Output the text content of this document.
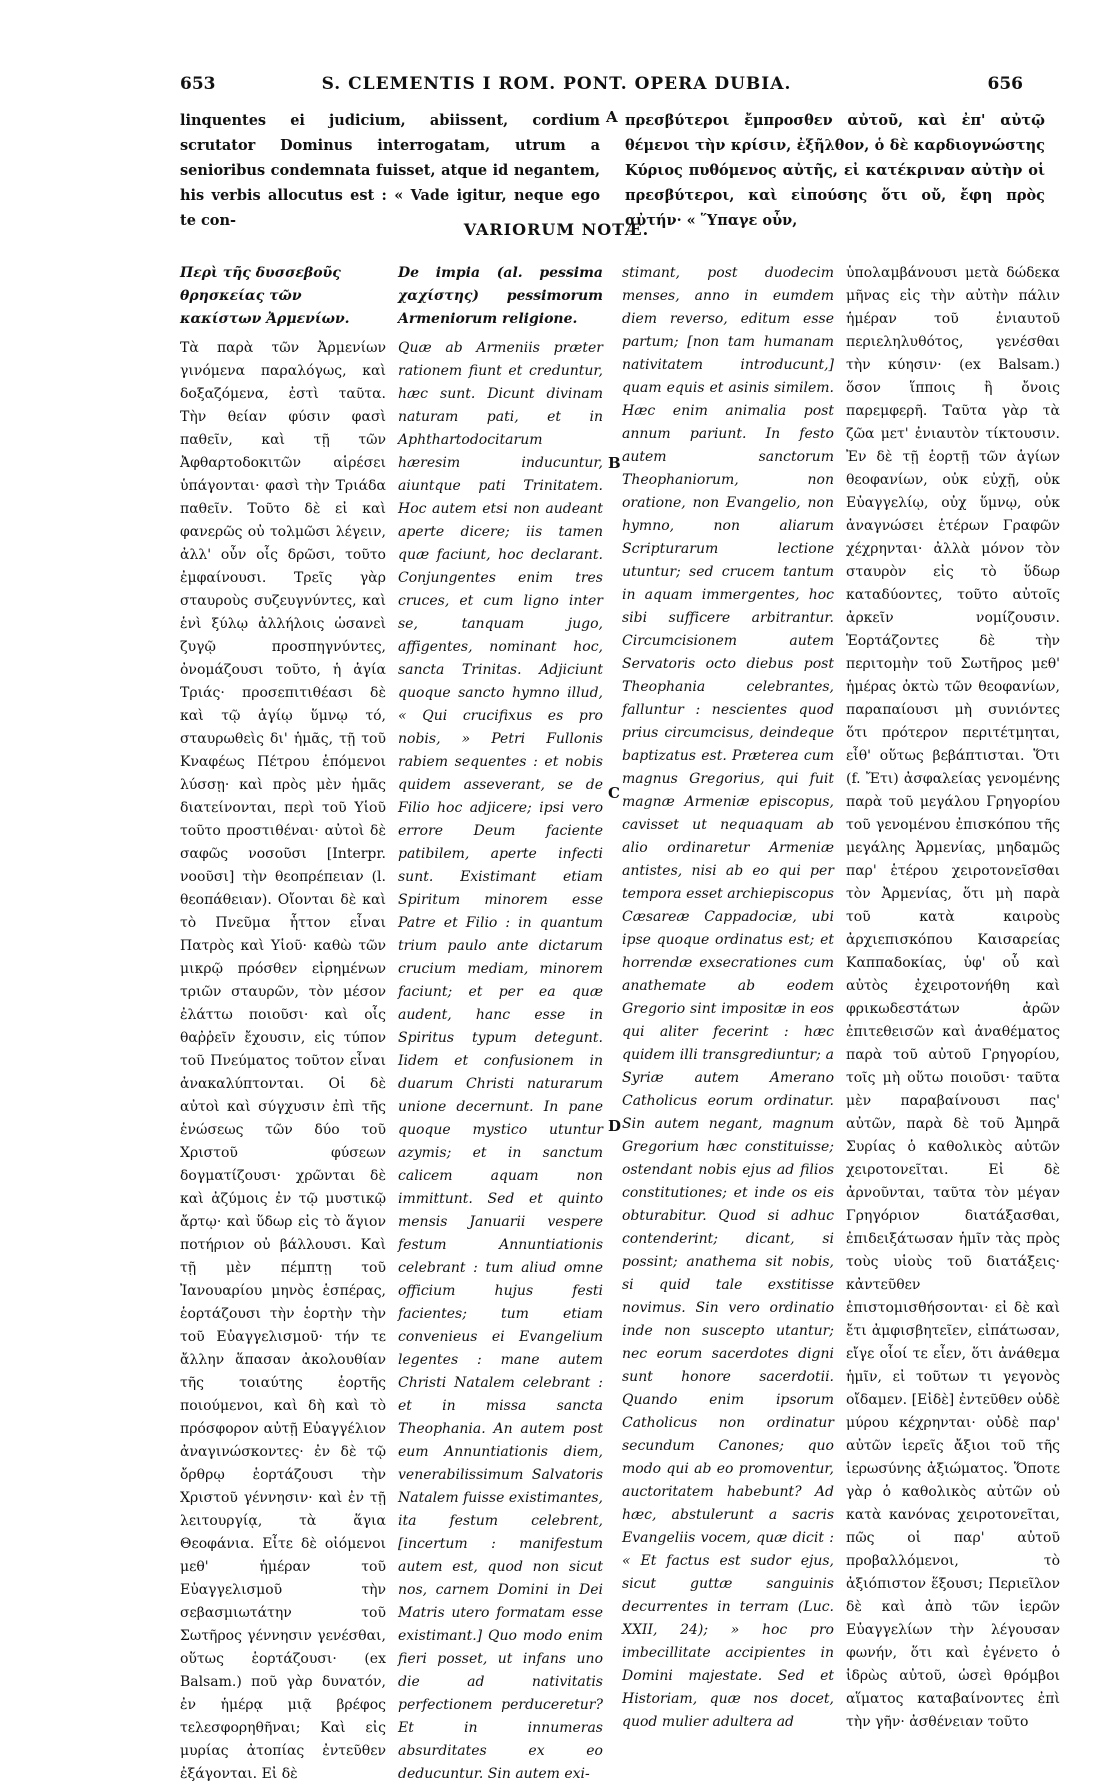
653	S. CLEMENTIS I ROM. PONT. OPERA DUBIA.	656

linquentes ei judicium, abiissent, cordium scrutator Dominus interrogatam, utrum a senioribus condemnata fuisset, atque id negantem, his verbis allocutus est : « Vade igitur, neque ego te con-

A πρεσβύτεροι ἔμπροσθεν αὐτοῦ, καὶ ἐπ' αὐτῷ θέμενοι τὴν κρίσιν, ἐξῆλθον, ὁ δὲ καρδιογνώστης Κύριος πυθόμενος αὐτῆς, εἰ κατέκριναν αὐτὴν οἱ πρεσβύτεροι, καὶ εἰπούσης ὅτι οὔ, ἔφη πρὸς αὐτήν· « Ὕπαγε οὖν,

VARIORUM NOTÆ.
Περὶ τῆς δυσσεβοῦς θρησκείας τῶν κακίστων Ἀρμενίων.

Τὰ παρὰ τῶν Ἀρμενίων γινόμενα παραλόγως, καὶ δοξαζόμενα, ἐστὶ ταῦτα. Τὴν θείαν φύσιν φασὶ παθεῖν, καὶ τῇ τῶν Ἀφθαρτοδοκιτῶν αἱρέσει ὑπάγονται· φασὶ τὴν Τριάδα παθεῖν. Τοῦτο δὲ εἰ καὶ φανερῶς οὐ τολμῶσι λέγειν, ἀλλ' οὖν οἷς δρῶσι, τοῦτο ἐμφαίνουσι. Τρεῖς γὰρ σταυροὺς συζευγνύντες, καὶ ἑνὶ ξύλῳ ἀλλήλοις ὡσανεὶ ζυγῷ προσπηγνύντες, ὀνομάζουσι τοῦτο, ἡ ἁγία Τριάς· προσεπιτιθέασι δὲ καὶ τῷ ἁγίῳ ὕμνῳ τό, σταυρωθεὶς δι' ἡμᾶς, τῇ τοῦ Κναφέως Πέτρου ἑπόμενοι λύσσῃ· καὶ πρὸς μὲν ἡμᾶς διατείνονται, περὶ τοῦ Υἱοῦ τοῦτο προστιθέναι· αὐτοὶ δὲ σαφῶς νοσοῦσι [Interpr. νοοῦσι] τὴν θεοπρέπειαν (l. θεοπάθειαν). Οἴονται δὲ καὶ τὸ Πνεῦμα ἧττον εἶναι Πατρὸς καὶ Υἱοῦ· καθὼ τῶν μικρῷ πρόσθεν εἰρημένων τριῶν σταυρῶν, τὸν μέσον ἐλάττω ποιοῦσι· καὶ οἷς θαῤῥεῖν ἔχουσιν, εἰς τύπον τοῦ Πνεύματος τοῦτον εἶναι ἀνακαλύπτονται. Οἱ δὲ αὐτοὶ καὶ σύγχυσιν ἐπὶ τῆς ἑνώσεως τῶν δύο τοῦ Χριστοῦ φύσεων δογματίζουσι· χρῶνται δὲ καὶ ἀζύμοις ἐν τῷ μυστικῷ ἄρτῳ· καὶ ὕδωρ εἰς τὸ ἅγιον ποτήριον οὐ βάλλουσι. Καὶ τῇ μὲν πέμπτῃ τοῦ Ἰανουαρίου μηνὸς ἑσπέρας, ἑορτάζουσι τὴν ἑορτὴν τὴν τοῦ Εὐαγγελισμοῦ· τήν τε ἄλλην ἅπασαν ἀκολουθίαν τῆς τοιαύτης ἑορτῆς ποιούμενοι, καὶ δὴ καὶ τὸ πρόσφορον αὐτῇ Εὐαγγέλιον ἀναγινώσκοντες· ἐν δὲ τῷ ὄρθρῳ ἑορτάζουσι τὴν Χριστοῦ γέννησιν· καὶ ἐν τῇ λειτουργίᾳ, τὰ ἅγια Θεοφάνια. Εἶτε δὲ οἰόμενοι μεθ' ἡμέραν τοῦ Εὐαγγελισμοῦ τὴν σεβασμιωτάτην τοῦ Σωτῆρος γέννησιν γενέσθαι, οὕτως ἑορτάζουσι· (ex Balsam.) ποῦ γὰρ δυνατόν, ἐν ἡμέρᾳ μιᾷ βρέφος τελεσφορηθῆναι; Καὶ εἰς μυρίας ἀτοπίας ἐντεῦθεν ἐξάγονται. Εἰ δὲ

De impia (al. pessima χαχίστης) pessimorum Armeniorum religione.

Quæ ab Armeniis præter rationem fiunt et creduntur, hæc sunt. Dicunt divinam naturam pati, et in Aphthartodocitarum hæresim inducuntur, aiuntque pati Trinitatem. Hoc autem etsi non audeant aperte dicere; iis tamen quæ faciunt, hoc declarant. Conjungentes enim tres cruces, et cum ligno inter se, tanquam jugo, affigentes, nominant hoc, sancta Trinitas. Adjiciunt quoque sancto hymno illud, « Qui crucifixus es pro nobis, » Petri Fullonis rabiem sequentes : et nobis quidem asseverant, se de Filio hoc adjicere; ipsi vero errore Deum faciente patibilem, aperte infecti sunt. Existimant etiam Spiritum minorem esse Patre et Filio : in quantum trium paulo ante dictarum crucium mediam, minorem faciunt; et per ea quæ audent, hanc esse in Spiritus typum detegunt. Iidem et confusionem in duarum Christi naturarum unione decernunt. In pane quoque mystico utuntur azymis; et in sanctum calicem aquam non immittunt. Sed et quinto mensis Januarii vespere festum Annuntiationis celebrant : tum aliud omne officium hujus festi facientes; tum etiam convenieus ei Evangelium legentes : mane autem Christi Natalem celebrant : et in missa sancta Theophania. An autem post eum Annuntiationis diem, venerabilissimum Salvatoris Natalem fuisse existimantes, ita festum celebrent, [incertum : manifestum autem est, quod non sicut nos, carnem Domini in Dei Matris utero formatam esse existimant.] Quo modo enim fieri posset, ut infans uno die ad nativitatis perfectionem perduceretur? Et in innumeras absurditates ex eo deducuntur. Sin autem exi-

B
C
D

stimant, post duodecim menses, anno in eumdem diem reverso, editum esse partum; [non tam humanam nativitatem introducunt,] quam equis et asinis similem. Hæc enim animalia post annum pariunt. In festo autem sanctorum Theophaniorum, non oratione, non Evangelio, non hymno, non aliarum Scripturarum lectione utuntur; sed crucem tantum in aquam immergentes, hoc sibi sufficere arbitrantur. Circumcisionem autem Servatoris octo diebus post Theophania celebrantes, falluntur : nescientes quod prius circumcisus, deindeque baptizatus est. Præterea cum magnus Gregorius, qui fuit magnæ Armeniæ episcopus, cavisset ut nequaquam ab alio ordinaretur Armeniæ antistes, nisi ab eo qui per tempora esset archiepiscopus Cæsareæ Cappadociæ, ubi ipse quoque ordinatus est; et horrendæ exsecrationes cum anathemate ab eodem Gregorio sint impositæ in eos qui aliter fecerint : hæc quidem illi transgrediuntur; a Syriæ autem Amerano Catholicus eorum ordinatur. Sin autem negant, magnum Gregorium hæc constituisse; ostendant nobis ejus ad filios constitutiones; et inde os eis obturabitur. Quod si adhuc contenderint; dicant, si possint; anathema sit nobis, si quid tale exstitisse novimus. Sin vero ordinatio inde non suscepto utantur; nec eorum sacerdotes digni sunt honore sacerdotii. Quando enim ipsorum Catholicus non ordinatur secundum Canones; quo modo qui ab eo promoventur, auctoritatem habebunt? Ad hæc, abstulerunt a sacris Evangeliis vocem, quæ dicit : « Et factus est sudor ejus, sicut guttæ sanguinis decurrentes in terram (Luc. XXII, 24); » hoc pro imbecillitate accipientes in Domini majestate. Sed et Historiam, quæ nos docet, quod mulier adultera ad

ὑπολαμβάνουσι μετὰ δώδεκα μῆνας εἰς τὴν αὐτὴν πάλιν ἡμέραν τοῦ ἐνιαυτοῦ περιεληλυθότος, γενέσθαι τὴν κύησιν· (ex Balsam.) ὅσον ἵπποις ἢ ὄνοις παρεμφερῆ. Ταῦτα γὰρ τὰ ζῶα μετ' ἐνιαυτὸν τίκτουσιν. Ἐν δὲ τῇ ἑορτῇ τῶν ἁγίων θεοφανίων, οὐκ εὐχῇ, οὐκ Εὐαγγελίῳ, οὐχ ὕμνῳ, οὐκ ἀναγνώσει ἑτέρων Γραφῶν χέχρηνται· ἀλλὰ μόνον τὸν σταυρὸν εἰς τὸ ὕδωρ καταδύοντες, τοῦτο αὐτοῖς ἀρκεῖν νομίζουσιν. Ἑορτάζοντες δὲ τὴν περιτομὴν τοῦ Σωτῆρος μεθ' ἡμέρας ὀκτὼ τῶν θεοφανίων, παραπαίουσι μὴ συνιόντες ὅτι πρότερον περιτέτμηται, εἶθ' οὕτως βεβάπτισται. Ὅτι (f. Ἔτι) ἀσφαλείας γενομένης παρὰ τοῦ μεγάλου Γρηγορίου τοῦ γενομένου ἐπισκόπου τῆς μεγάλης Ἀρμενίας, μηδαμῶς παρ' ἑτέρου χειροτονεῖσθαι τὸν Ἀρμενίας, ὅτι μὴ παρὰ τοῦ κατὰ καιροὺς ἀρχιεπισκόπου Καισαρείας Καππαδοκίας, ὑφ' οὗ καὶ αὐτὸς ἐχειροτονήθη καὶ φρικωδεστάτων ἀρῶν ἐπιτεθεισῶν καὶ ἀναθέματος παρὰ τοῦ αὐτοῦ Γρηγορίου, τοῖς μὴ οὕτω ποιοῦσι· ταῦτα μὲν παραβαίνουσι πας' αὐτῶν, παρὰ δὲ τοῦ Ἀμηρᾶ Συρίας ὁ καθολικὸς αὐτῶν χειροτονεῖται. Εἰ δὲ ἀρνοῦνται, ταῦτα τὸν μέγαν Γρηγόριον διατάξασθαι, ἐπιδειξάτωσαν ἡμῖν τὰς πρὸς τοὺς υἱοὺς τοῦ διατάξεις· κἀντεῦθεν ἐπιστομισθήσονται· εἰ δὲ καὶ ἔτι ἀμφισβητεῖεν, εἰπάτωσαν, εἴγε οἷοί τε εἶεν, ὅτι ἀνάθεμα ἡμῖν, εἰ τοῦτων τι γεγονὸς οἴδαμεν. [Εἰδὲ] ἐντεῦθεν οὐδὲ μύρου κέχρηνται· οὐδὲ παρ' αὐτῶν ἱερεῖς ἄξιοι τοῦ τῆς ἱερωσύνης ἀξιώματος. Ὅποτε γὰρ ὁ καθολικὸς αὐτῶν οὐ κατὰ κανόνας χειροτονεῖται, πῶς οἱ παρ' αὐτοῦ προβαλλόμενοι, τὸ ἀξιόπιστον ἕξουσι; Περιεῖλον δὲ καὶ ἀπὸ τῶν ἱερῶν Εὐαγγελίων τὴν λέγουσαν φωνήν, ὅτι καὶ ἐγένετο ὁ ἱδρὼς αὐτοῦ, ὡσεὶ θρόμβοι αἵματος καταβαίνοντες ἐπὶ τὴν γῆν· ἀσθένειαν τοῦτο
